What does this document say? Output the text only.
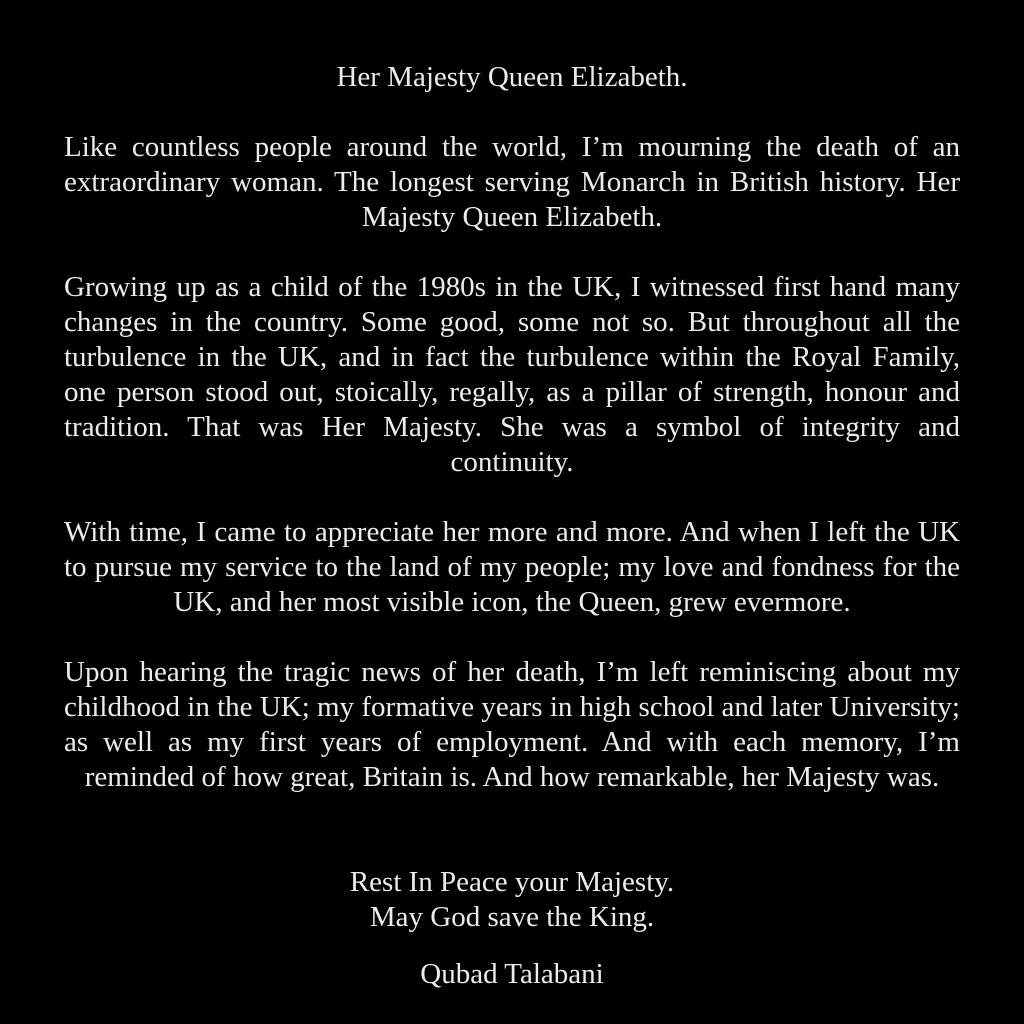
Her Majesty Queen Elizabeth.
Like countless people around the world, I’m mourning the death of an extraordinary woman. The longest serving Monarch in British history. Her Majesty Queen Elizabeth.
Growing up as a child of the 1980s in the UK, I witnessed first hand many changes in the country. Some good, some not so. But throughout all the turbulence in the UK, and in fact the turbulence within the Royal Family, one person stood out, stoically, regally, as a pillar of strength, honour and tradition. That was Her Majesty. She was a symbol of integrity and continuity.
With time, I came to appreciate her more and more. And when I left the UK to pursue my service to the land of my people; my love and fondness for the UK, and her most visible icon, the Queen, grew evermore.
Upon hearing the tragic news of her death, I’m left reminiscing about my childhood in the UK; my formative years in high school and later University; as well as my first years of employment. And with each memory, I’m reminded of how great, Britain is. And how remarkable, her Majesty was.
Rest In Peace your Majesty.
May God save the King.
Qubad Talabani
